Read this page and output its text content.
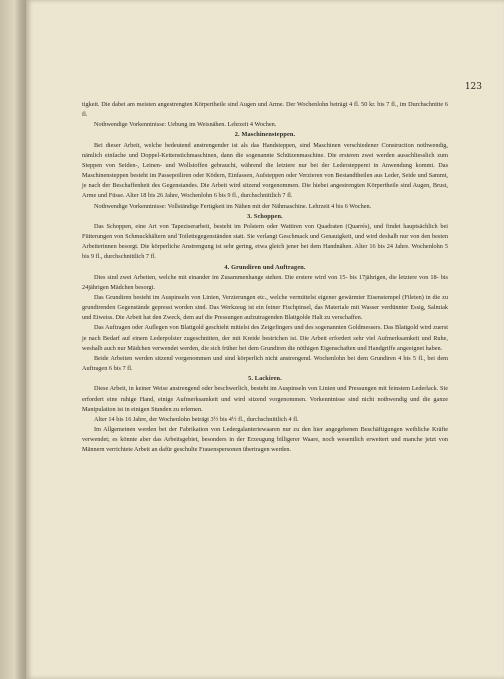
123

tigkeit. Die dabei am meisten angestrengten Körpertheile sind Augen und Arme. Der Wochenlohn beträgt 4 fl. 50 kr. bis 7 fl., im Durchschnitte 6 fl.

Nothwendige Vorkenntnisse: Uebung im Weisnähen. Lehrzeit 4 Wochen.

2. Maschinensteppen.

Bei dieser Arbeit, welche bedeutend anstrengender ist als das Handsteppen, sind Maschinen verschiedener Construction nothwendig, nämlich einfache und Doppel-Kettenstichmaschinen, dann die sogenannte Schützenmaschine. Die ersteren zwei werden ausschliesslich zum Steppen von Seiden-, Leinen- und Wollstoffen gebraucht, während die letztere nur bei der Lederstepperei in Anwendung kommt. Das Maschinensteppen besteht im Passepoiliren oder Ködern, Einfassen, Aufsteppen oder Verzieren von Bestandtheilen aus Leder, Seide und Sammt, je nach der Beschaffenheit des Gegenstandes. Die Arbeit wird sitzend vorgenommen. Die hiebei angestrengten Körpertheile sind Augen, Brust, Arme und Füsse. Alter 18 bis 26 Jahre, Wochenlohn 6 bis 9 fl., durchschnittlich 7 fl.

Nothwendige Vorkenntnisse: Vollständige Fertigkeit im Nähen mit der Nähmaschine. Lehrzeit 4 bis 6 Wochen.

3. Schoppen.

Das Schoppen, eine Art von Tapeziserarbeit, besteht im Polstern oder Wattiren von Quadraten (Quarrés), und findet hauptsächlich bei Fütterungen von Schmuckhältern und Toilettegegenständen statt. Sie verlangt Geschmack und Genauigkeit, und wird deshalb nur von den besten Arbeiterinnen besorgt. Die körperliche Anstrengung ist sehr gering, etwa gleich jener bei dem Handnähen. Alter 16 bis 24 Jahre. Wochenlohn 5 bis 9 fl., durchschnittlich 7 fl.

4. Grundiren und Auftragen.

Dies sind zwei Arbeiten, welche mit einander im Zusammenhange stehen. Die erstere wird von 15- bis 17jährigen, die letztere von 18- bis 24jährigen Mädchen besorgt.

Das Grundiren besteht im Auspinseln von Linien, Verzierungen etc., welche vermittelst eigener gewärmter Eisenstempel (Fileten) in die zu grundirenden Gegenstände gepresst worden sind. Das Werkzeug ist ein feiner Fischpinsel, das Materiale mit Wasser verdünnter Essig, Salmiak und Eiweiss. Die Arbeit hat den Zweck, dem auf die Pressungen aufzutragenden Blattgolde Halt zu verschaffen.

Das Auftragen oder Auflegen von Blattgold geschieht mittelst des Zeigefingers und des sogenannten Goldmessers. Das Blattgold wird zuerst je nach Bedarf auf einem Lederpolster zugeschnitten, der mit Kreide bestrichen ist. Die Arbeit erfordert sehr viel Aufmerksamkeit und Ruhe, weshalb auch nur Mädchen verwendet werden, die sich früher bei dem Grundiren die nöthigen Eigenschaften und Handgriffe angeeignet haben.

Beide Arbeiten werden sitzend vorgenommen und sind körperlich nicht anstrengend. Wochenlohn bei dem Grundiren 4 bis 5 fl., bei dem Auftragen 6 bis 7 fl.

5. Lackiren.

Diese Arbeit, in keiner Weise anstrengend oder beschwerlich, besteht im Auspinseln von Linien und Pressungen mit feinstem Lederlack. Sie erfordert eine ruhige Hand, einige Aufmerksamkeit und wird sitzend vorgenommen. Vorkenntnisse sind nicht nothwendig und die ganze Manipulation ist in einigen Stunden zu erlernen.

Alter 14 bis 16 Jahre, der Wochenlohn beträgt 3½ bis 4½ fl., durchschnittlich 4 fl.

Im Allgemeinen werden bei der Fabrikation von Ledergalanteriewaaren nur zu den hier angegebenen Beschäftigungen weibliche Kräfte verwendet; es könnte aber das Arbeitsgebiet, besonders in der Erzeugung billigerer Waare, noch wesentlich erweitert und manche jetzt von Männern verrichtete Arbeit an dafür geschulte Frauenspersonen übertragen werden.
